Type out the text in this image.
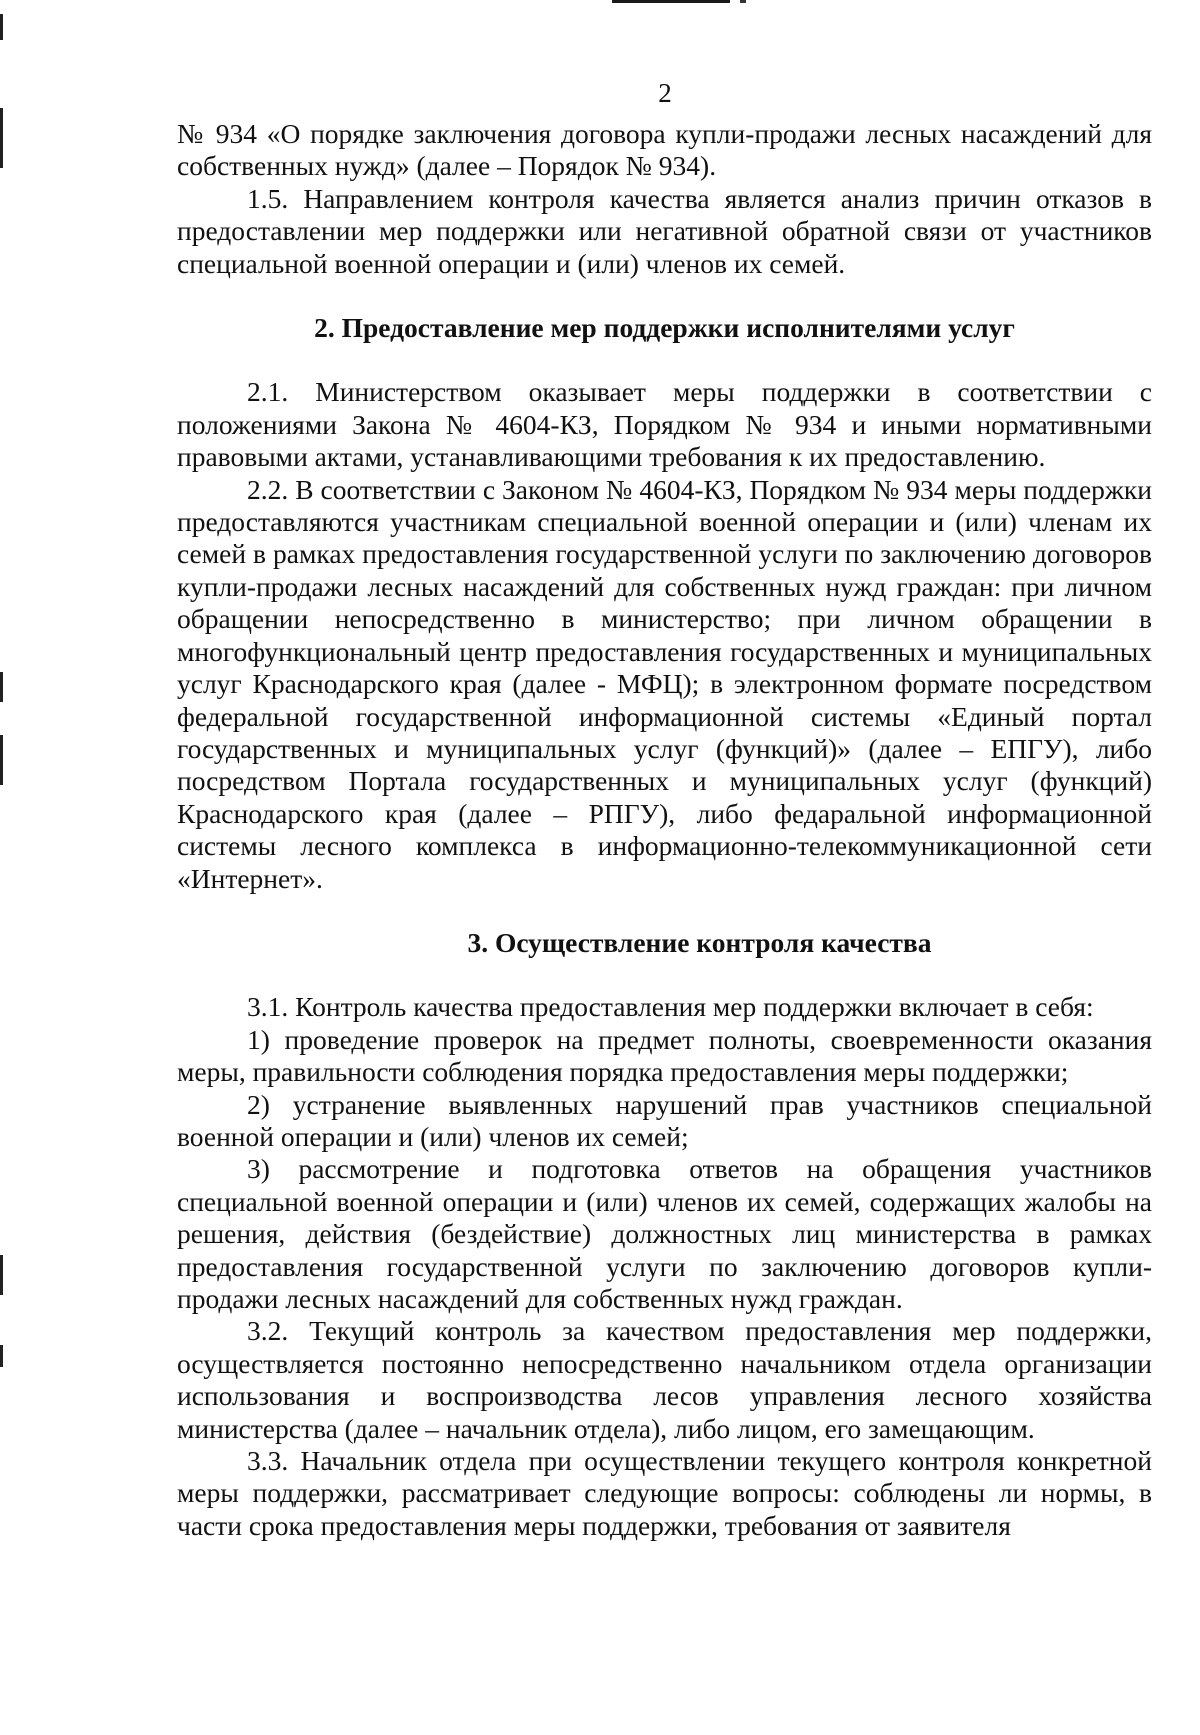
2

№ 934 «О порядке заключения договора купли-продажи лесных насаждений для собственных нужд» (далее – Порядок № 934).

1.5. Направлением контроля качества является анализ причин отказов в предоставлении мер поддержки или негативной обратной связи от участников специальной военной операции и (или) членов их семей.

2. Предоставление мер поддержки исполнителями услуг

2.1. Министерством оказывает меры поддержки в соответствии с положениями Закона № 4604-КЗ, Порядком № 934 и иными нормативными правовыми актами, устанавливающими требования к их предоставлению.

2.2. В соответствии с Законом № 4604-КЗ, Порядком № 934 меры поддержки предоставляются участникам специальной военной операции и (или) членам их семей в рамках предоставления государственной услуги по заключению договоров купли-продажи лесных насаждений для собственных нужд граждан: при личном обращении непосредственно в министерство; при личном обращении в многофункциональный центр предоставления государственных и муниципальных услуг Краснодарского края (далее - МФЦ); в электронном формате посредством федеральной государственной информационной системы «Единый портал государственных и муниципальных услуг (функций)» (далее – ЕПГУ), либо посредством Портала государственных и муниципальных услуг (функций) Краснодарского края (далее – РПГУ), либо федаральной информационной системы лесного комплекса в информационно-телекоммуникационной сети «Интернет».

3. Осуществление контроля качества

3.1. Контроль качества предоставления мер поддержки включает в себя:

1) проведение проверок на предмет полноты, своевременности оказания меры, правильности соблюдения порядка предоставления меры поддержки;

2) устранение выявленных нарушений прав участников специальной военной операции и (или) членов их семей;

3) рассмотрение и подготовка ответов на обращения участников специальной военной операции и (или) членов их семей, содержащих жалобы на решения, действия (бездействие) должностных лиц министерства в рамках предоставления государственной услуги по заключению договоров купли-продажи лесных насаждений для собственных нужд граждан.

3.2. Текущий контроль за качеством предоставления мер поддержки, осуществляется постоянно непосредственно начальником отдела организации использования и воспроизводства лесов управления лесного хозяйства министерства (далее – начальник отдела), либо лицом, его замещающим.

3.3. Начальник отдела при осуществлении текущего контроля конкретной меры поддержки, рассматривает следующие вопросы: соблюдены ли нормы, в части срока предоставления меры поддержки, требования от заявителя
